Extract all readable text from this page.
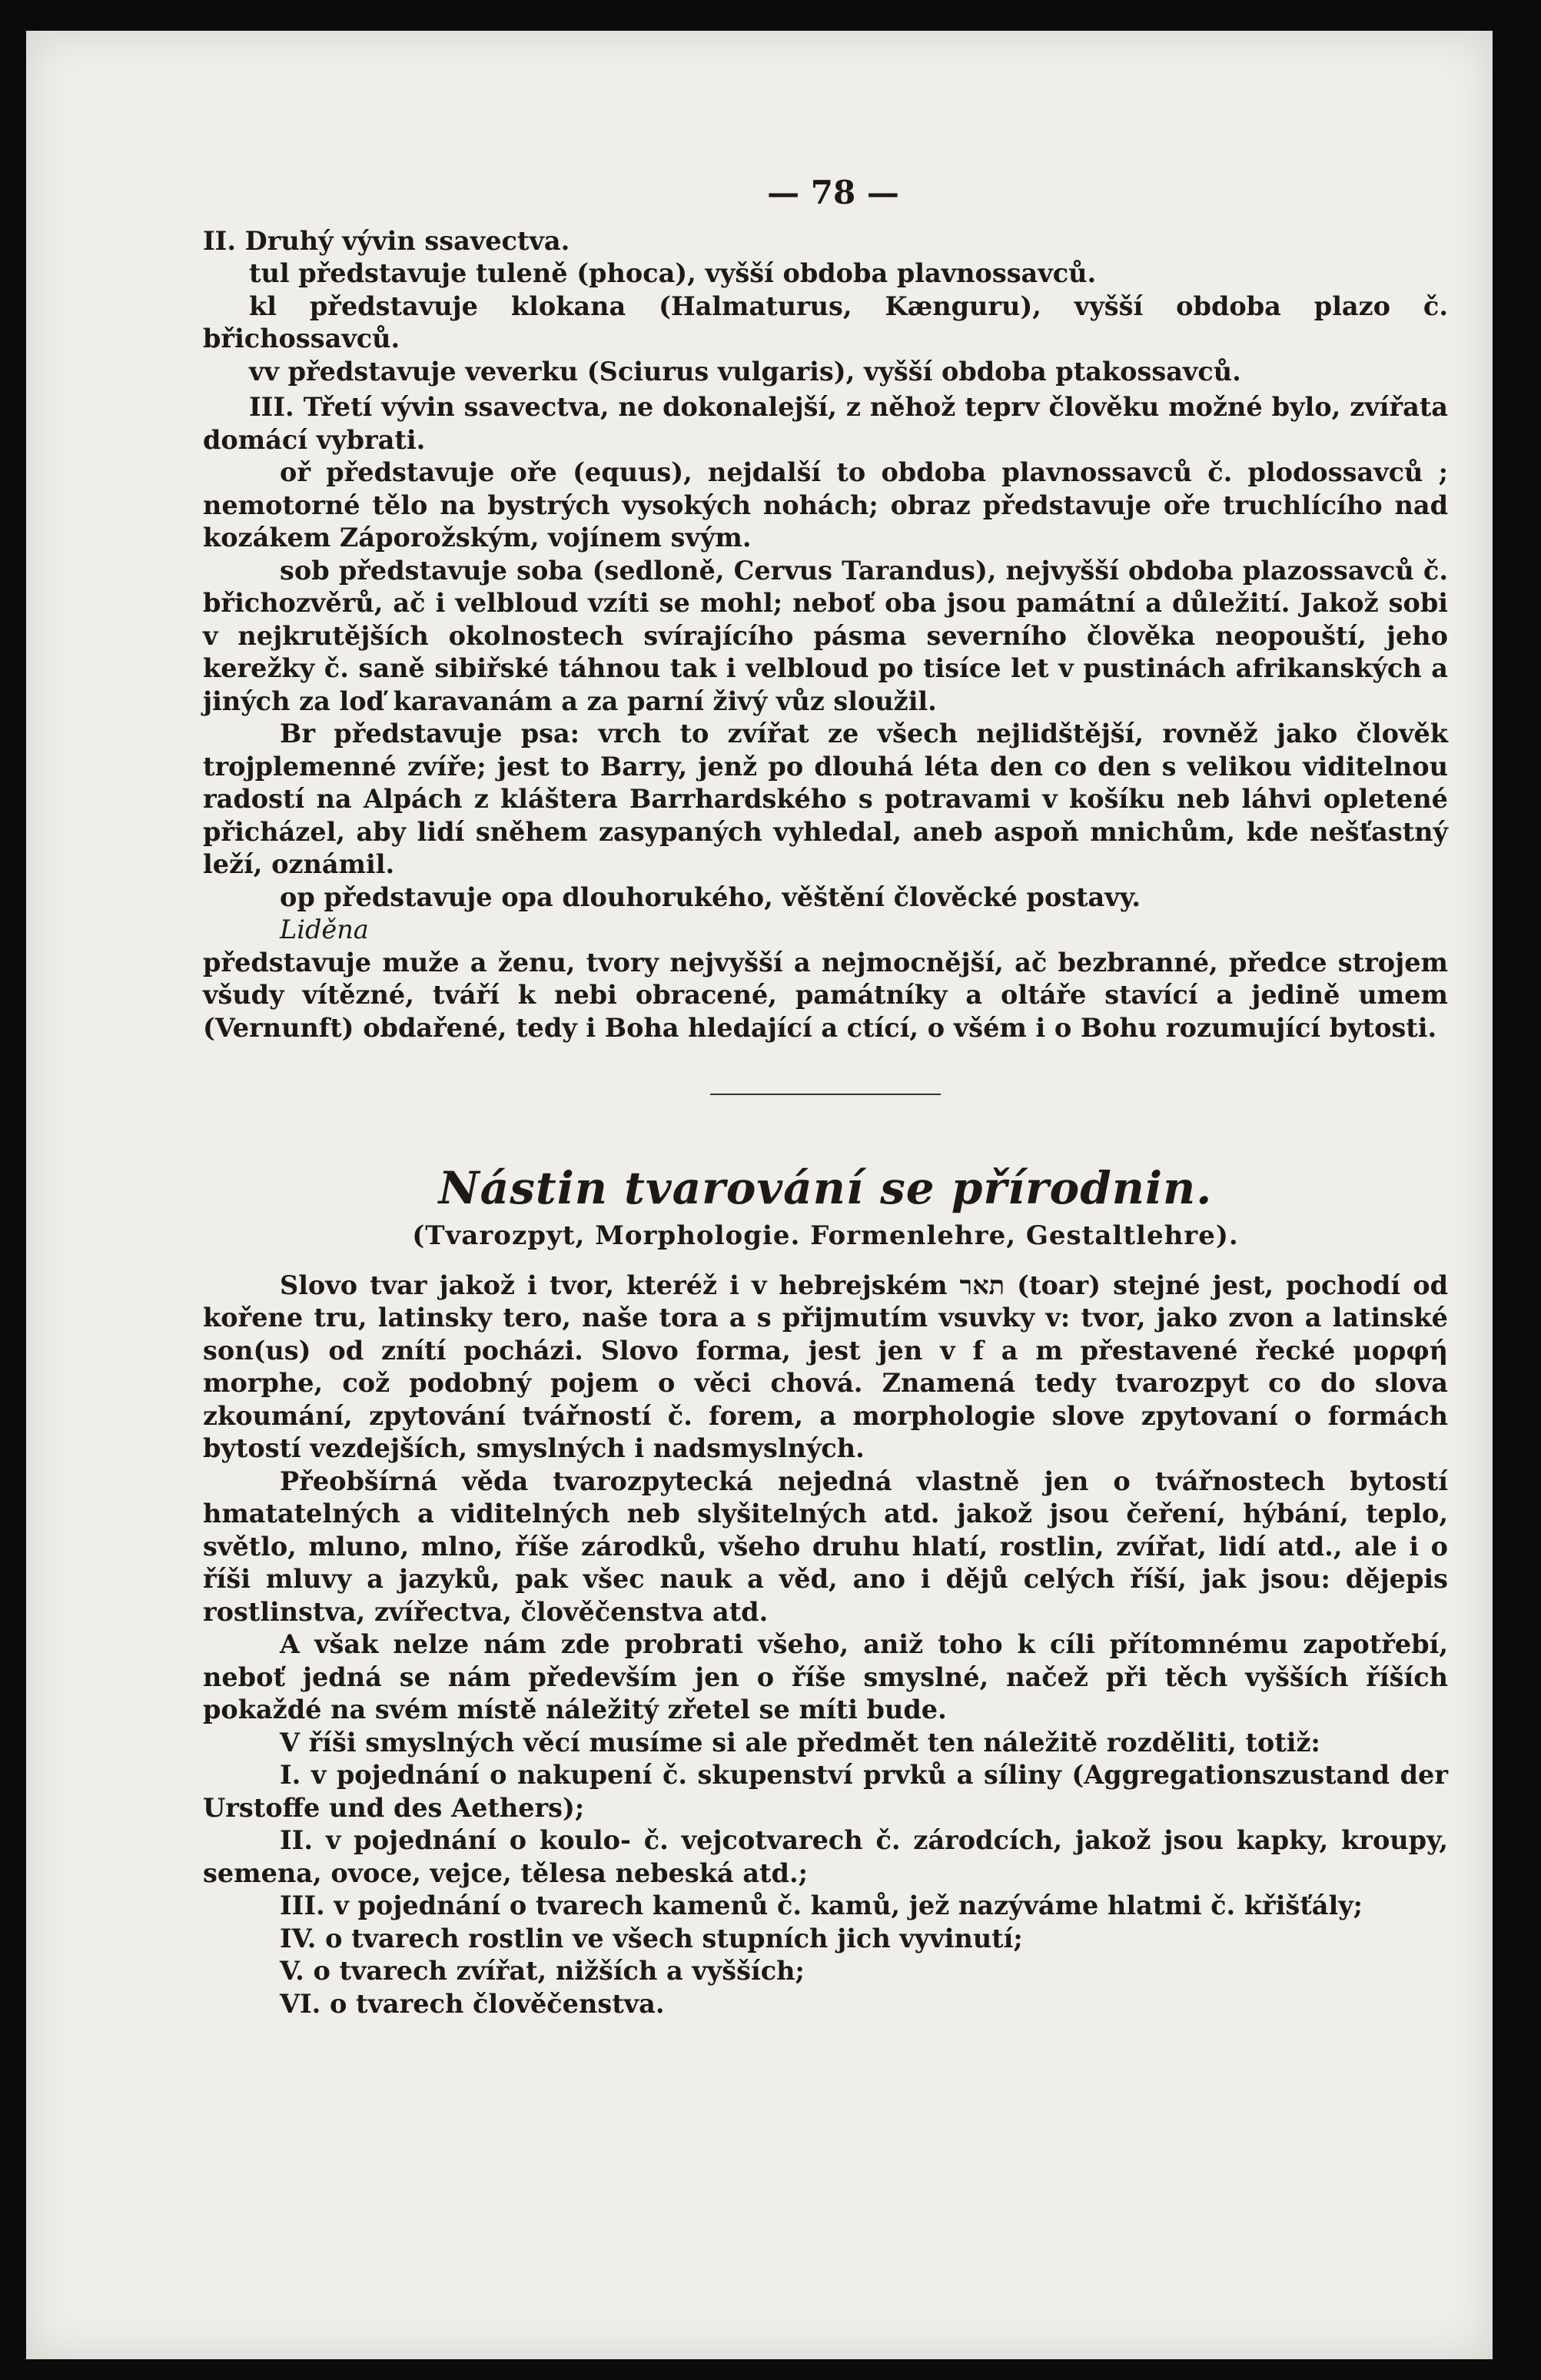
— 78 —

II. Druhý vývin ssavectva.

tul představuje tuleně (phoca), vyšší obdoba plavnossavců.

kl představuje klokana (Halmaturus, Kænguru), vyšší obdoba plazo č. břichossavců.

vv představuje veverku (Sciurus vulgaris), vyšší obdoba ptakossavců.

III. Třetí vývin ssavectva, ne dokonalejší, z něhož teprv člověku možné bylo, zvířata domácí vybrati.

oř představuje oře (equus), nejdalší to obdoba plavnossavců č. plodossavců ; nemotorné tělo na bystrých vysokých nohách; obraz představuje oře truchlícího nad kozákem Záporožským, vojínem svým.

sob představuje soba (sedloně, Cervus Tarandus), nejvyšší obdoba plazossavců č. břichozvěrů, ač i velbloud vzíti se mohl; neboť oba jsou památní a důležití. Jakož sobi v nejkrutějších okolnostech svírajícího pásma severního člověka neopouští, jeho kerežky č. saně sibiřské táhnou tak i velbloud po tisíce let v pustinách afrikanských a jiných za loď karavanám a za parní živý vůz sloužil.

Br představuje psa: vrch to zvířat ze všech nejlidštější, rovněž jako člověk trojplemenné zvíře; jest to Barry, jenž po dlouhá léta den co den s velikou viditelnou radostí na Alpách z kláštera Barrhardského s potravami v košíku neb láhvi opletené přicházel, aby lidí sněhem zasypaných vyhledal, aneb aspoň mnichům, kde nešťastný leží, oznámil.

op představuje opa dlouhorukého, věštění člověcké postavy.

Liděna

představuje muže a ženu, tvory nejvyšší a nejmocnější, ač bezbranné, předce strojem všudy vítězné, tváří k nebi obracené, památníky a oltáře stavící a jedině umem (Vernunft) obdařené, tedy i Boha hledající a ctící, o všém i o Bohu rozumující bytosti.

Nástin tvarování se přírodnin.
(Tvarozpyt, Morphologie. Formenlehre, Gestaltlehre).

Slovo tvar jakož i tvor, kteréž i v hebrejském תאר (toar) stejné jest, pochodí od kořene tru, latinsky tero, naše tora a s přijmutím vsuvky v: tvor, jako zvon a latinské son(us) od znítí pocházi. Slovo forma, jest jen v f a m přestavené řecké μορφή morphe, což podobný pojem o věci chová. Znamená tedy tvarozpyt co do slova zkoumání, zpytování tvářností č. forem, a morphologie slove zpytovaní o formách bytostí vezdejších, smyslných i nadsmyslných.

Přeobšírná věda tvarozpytecká nejedná vlastně jen o tvářnostech bytostí hmatatelných a viditelných neb slyšitelných atd. jakož jsou čeření, hýbání, teplo, světlo, mluno, mlno, říše zárodků, všeho druhu hlatí, rostlin, zvířat, lidí atd., ale i o říši mluvy a jazyků, pak všec nauk a věd, ano i dějů celých říší, jak jsou: dějepis rostlinstva, zvířectva, člověčenstva atd.

A však nelze nám zde probrati všeho, aniž toho k cíli přítomnému zapotřebí, neboť jedná se nám především jen o říše smyslné, načež při těch vyšších říších pokaždé na svém místě náležitý zřetel se míti bude.

V říši smyslných věcí musíme si ale předmět ten náležitě rozděliti, totiž:

I. v pojednání o nakupení č. skupenství prvků a síliny (Aggregationszustand der Urstoffe und des Aethers);

II. v pojednání o koulo- č. vejcotvarech č. zárodcích, jakož jsou kapky, kroupy, semena, ovoce, vejce, tělesa nebeská atd.;

III. v pojednání o tvarech kamenů č. kamů, jež nazýváme hlatmi č. křišťály;

IV. o tvarech rostlin ve všech stupních jich vyvinutí;

V. o tvarech zvířat, nižších a vyšších;

VI. o tvarech člověčenstva.
